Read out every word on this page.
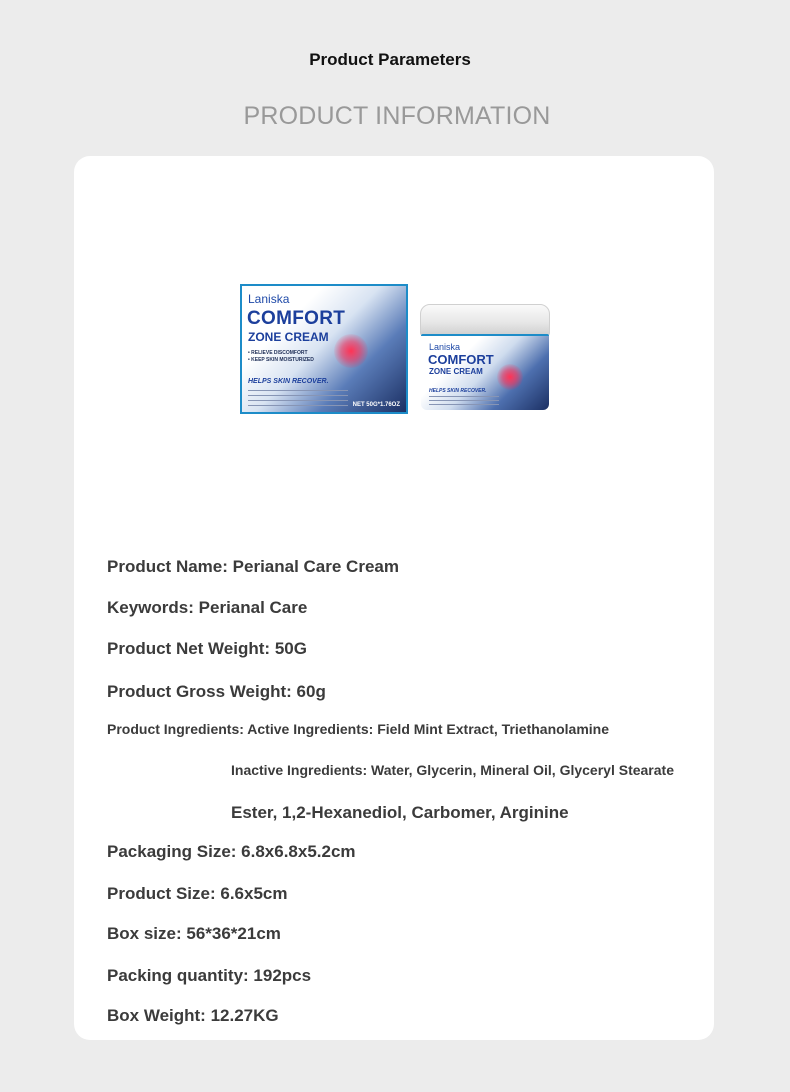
Product Parameters
PRODUCT INFORMATION
Laniska
COMFORT
ZONE CREAM
• RELIEVE DISCOMFORT
• KEEP SKIN MOISTURIZED
HELPS SKIN RECOVER.
NET 50G*1.76OZ
Laniska
COMFORT
ZONE CREAM
HELPS SKIN RECOVER.
Product Name: Perianal Care Cream
Keywords: Perianal Care
Product Net Weight: 50G
Product Gross Weight: 60g
Product Ingredients: Active Ingredients: Field Mint Extract, Triethanolamine
Inactive Ingredients: Water, Glycerin, Mineral Oil, Glyceryl Stearate
Ester, 1,2-Hexanediol, Carbomer, Arginine
Packaging Size: 6.8x6.8x5.2cm
Product Size: 6.6x5cm
Box size: 56*36*21cm
Packing quantity: 192pcs
Box Weight: 12.27KG
